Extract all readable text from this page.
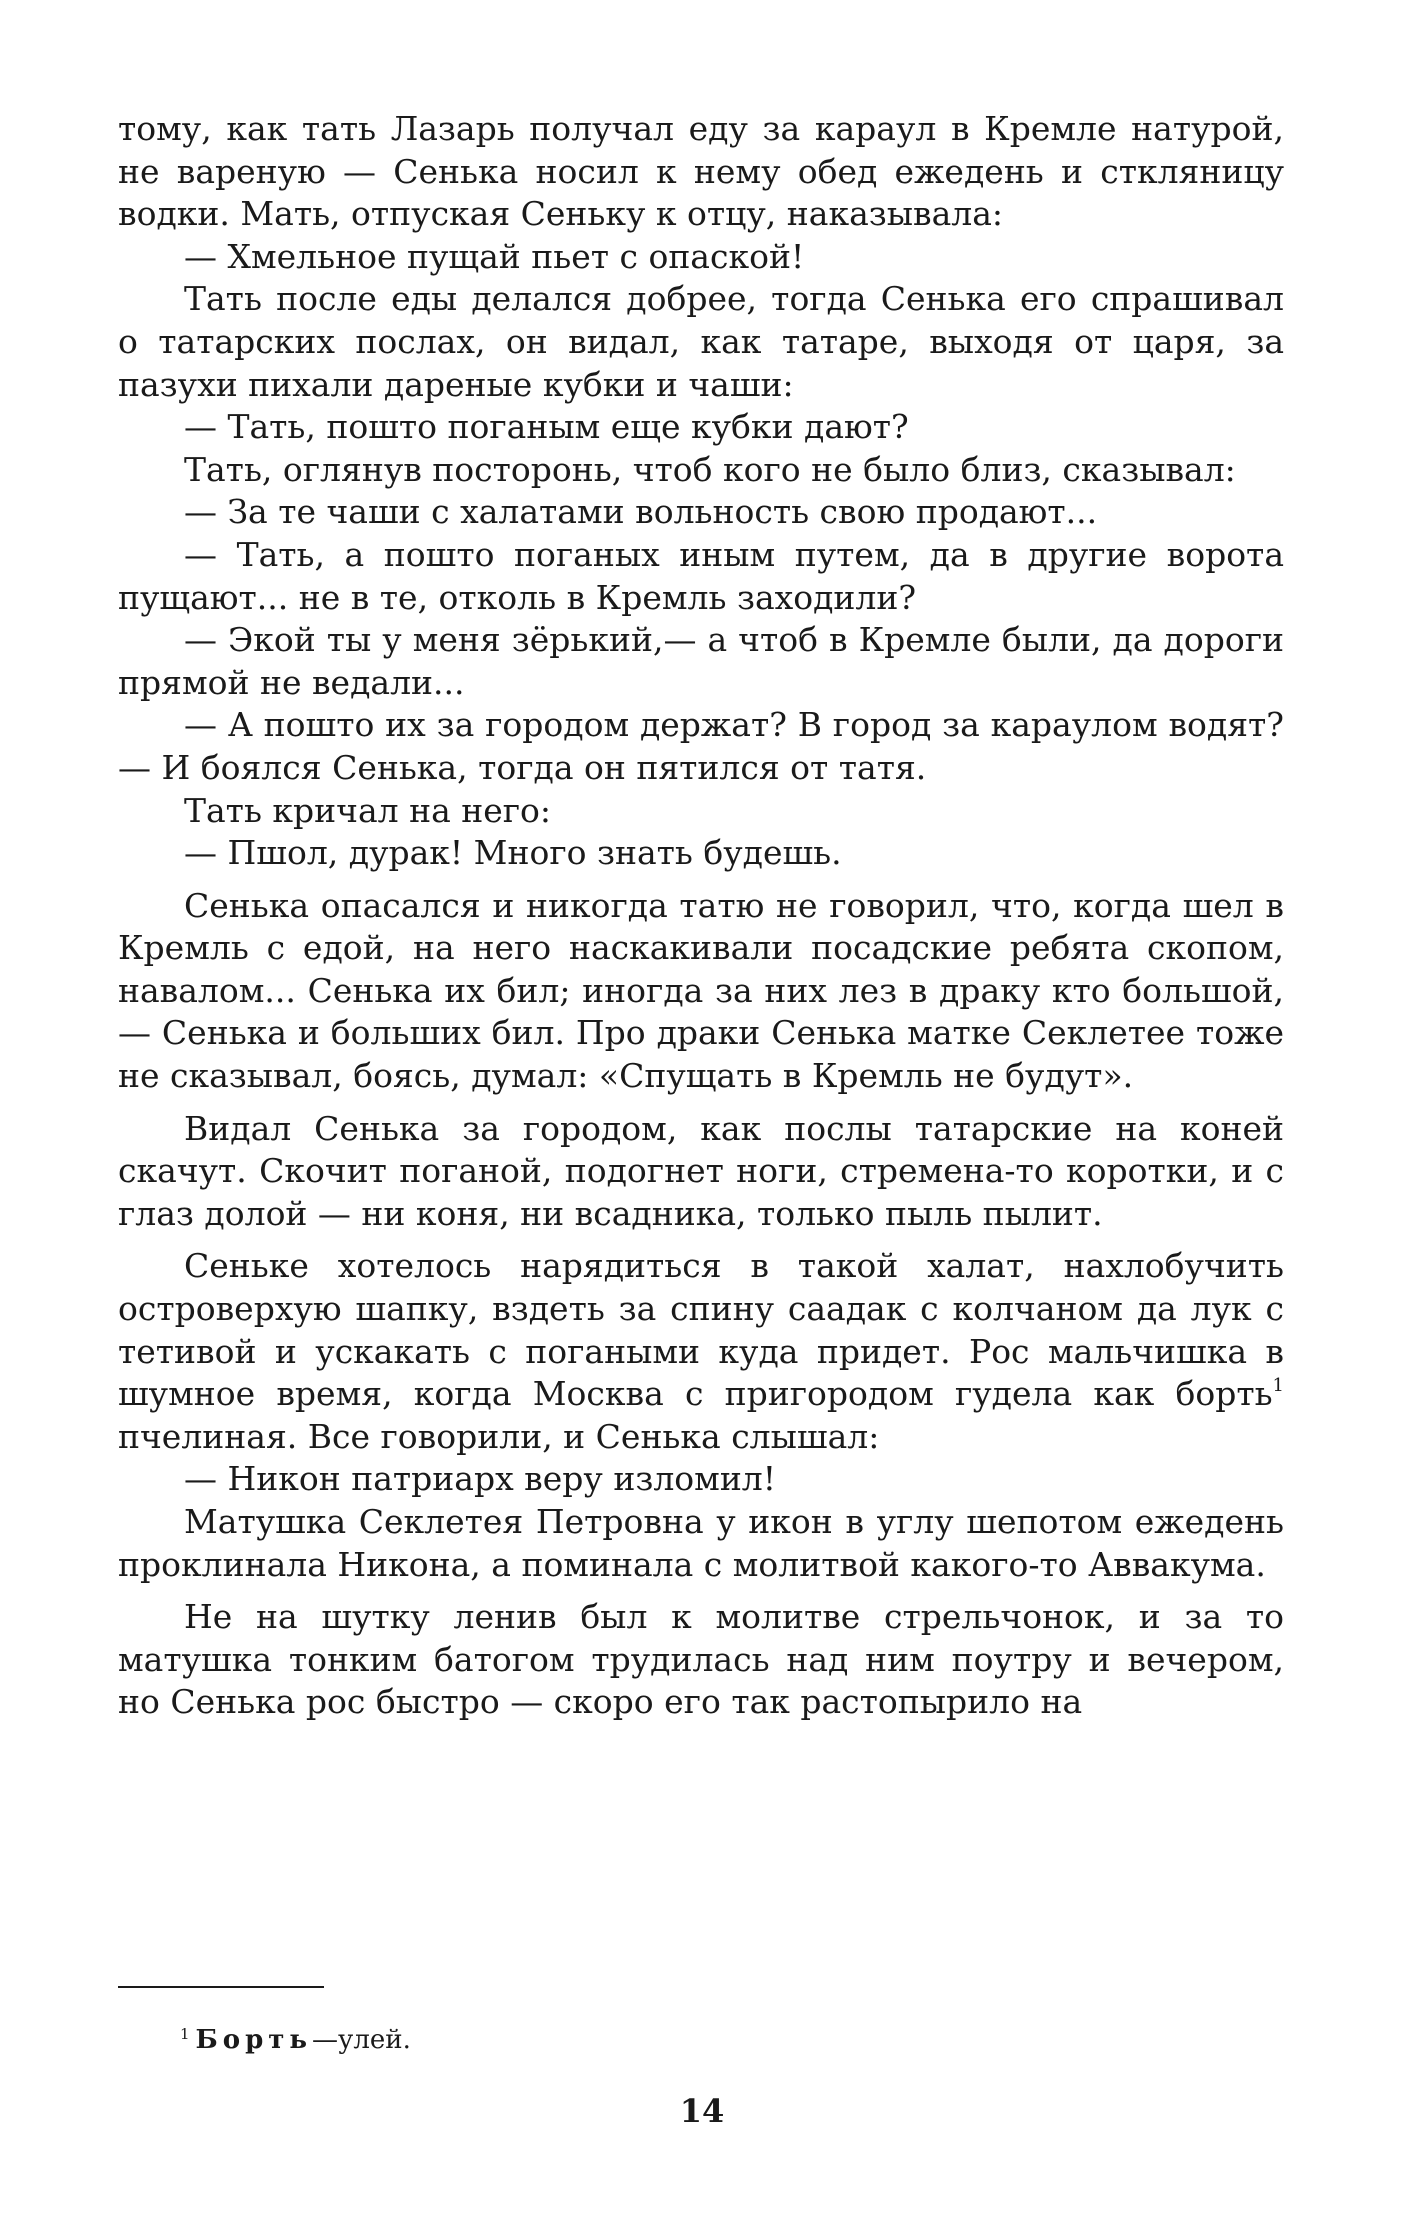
тому, как тать Лазарь получал еду за караул в Кремле натурой, не вареную — Сенька носил к нему обед ежедень и сткляницу водки. Мать, отпуская Сеньку к отцу, наказывала:

— Хмельное пущай пьет с опаской!

Тать после еды делался добрее, тогда Сенька его спрашивал о татарских послах, он видал, как татаре, выходя от царя, за пазухи пихали дареные кубки и чаши:

— Тать, пошто поганым еще кубки дают?

Тать, оглянув посторонь, чтоб кого не было близ, сказывал:

— За те чаши с халатами вольность свою продают...

— Тать, а пошто поганых иным путем, да в другие ворота пущают... не в те, отколь в Кремль заходили?

— Экой ты у меня зёрький,— а чтоб в Кремле были, да дороги прямой не ведали...

— А пошто их за городом держат? В город за караулом водят? — И боялся Сенька, тогда он пятился от татя.

Тать кричал на него:

— Пшол, дурак! Много знать будешь.

Сенька опасался и никогда татю не говорил, что, когда шел в Кремль с едой, на него наскакивали посадские ребята скопом, навалом... Сенька их бил; иногда за них лез в драку кто большой,— Сенька и больших бил. Про драки Сенька матке Секлетее тоже не сказывал, боясь, думал: «Спущать в Кремль не будут».

Видал Сенька за городом, как послы татарские на коней скачут. Скочит поганой, подогнет ноги, стремена-то коротки, и с глаз долой — ни коня, ни всадника, только пыль пылит.

Сеньке хотелось нарядиться в такой халат, нахлобучить островерхую шапку, вздеть за спину саадак с колчаном да лук с тетивой и ускакать с погаными куда придет. Рос мальчишка в шумное время, когда Москва с пригородом гудела как борть$^1$ пчелиная. Все говорили, и Сенька слышал:

— Никон патриарх веру изломил!

Матушка Секлетея Петровна у икон в углу шепотом ежедень проклинала Никона, а поминала с молитвой какого-то Аввакума.

Не на шутку ленив был к молитве стрельчонок, и за то матушка тонким батогом трудилась над ним поутру и вечером, но Сенька рос быстро — скоро его так растопырило на

$^1$ Борть—улей.
14
